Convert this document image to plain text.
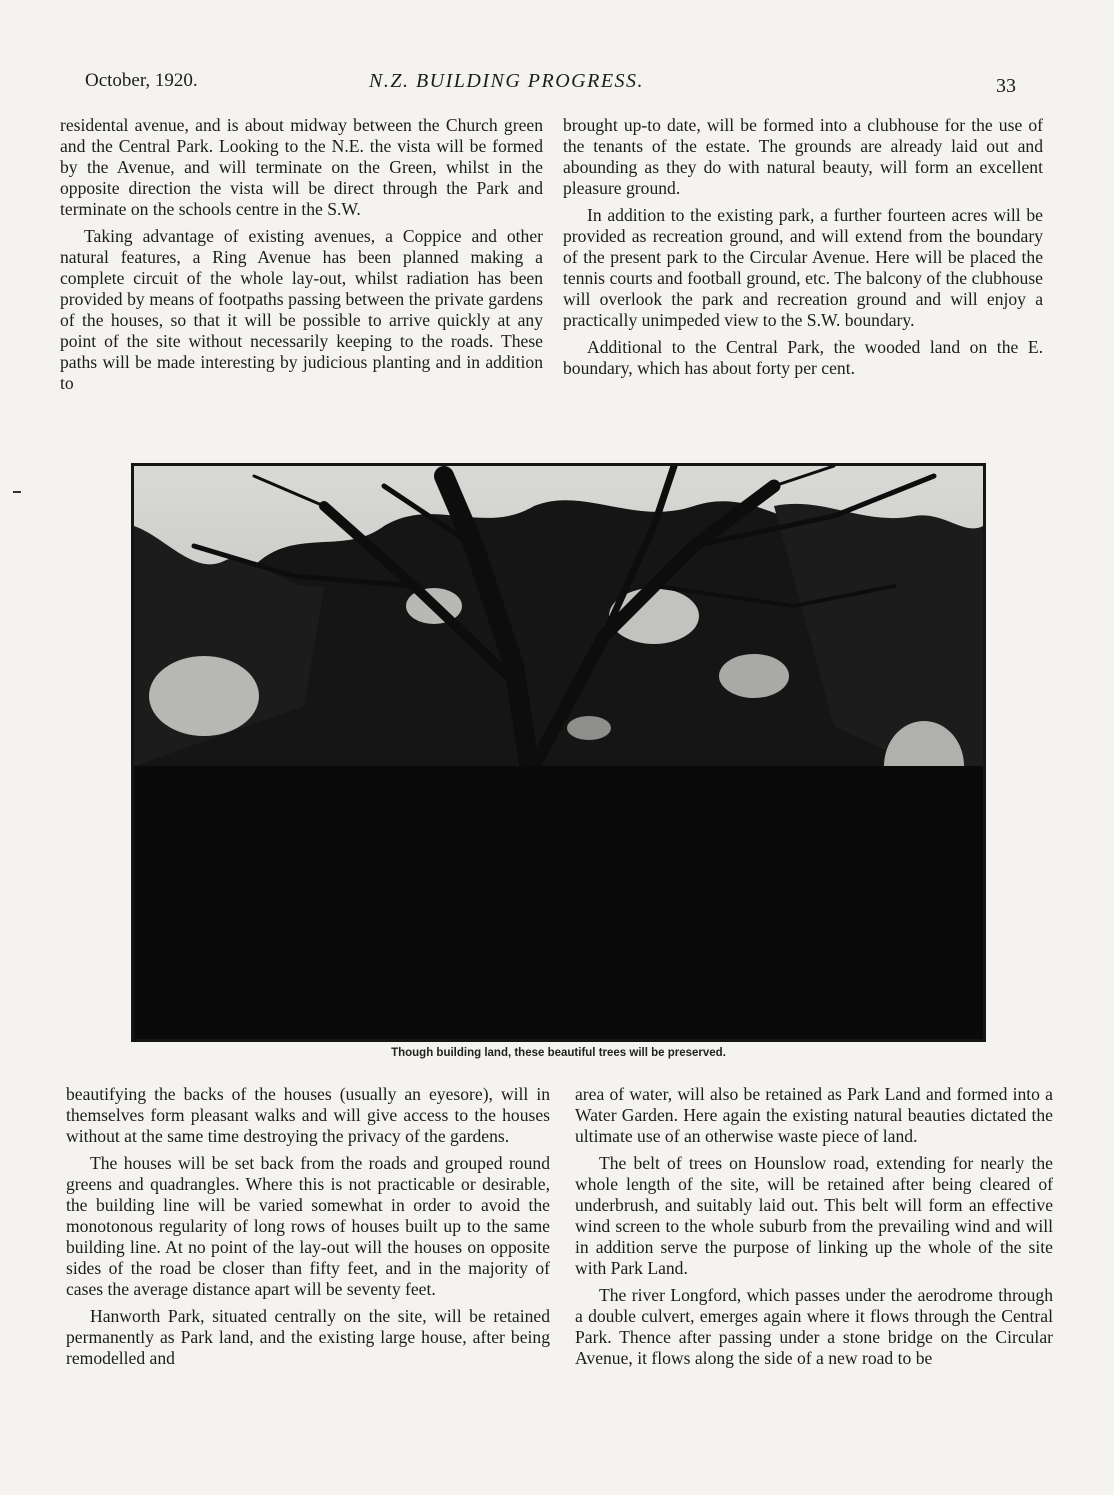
October, 1920.	N.Z. BUILDING PROGRESS.	33

residental avenue, and is about midway between the Church green and the Central Park. Looking to the N.E. the vista will be formed by the Avenue, and will terminate on the Green, whilst in the opposite direction the vista will be direct through the Park and terminate on the schools centre in the S.W.

Taking advantage of existing avenues, a Coppice and other natural features, a Ring Avenue has been planned making a complete circuit of the whole lay-out, whilst radiation has been provided by means of footpaths passing between the private gardens of the houses, so that it will be possible to arrive quickly at any point of the site without necessarily keeping to the roads. These paths will be made interesting by judicious planting and in addition to

brought up-to date, will be formed into a clubhouse for the use of the tenants of the estate. The grounds are already laid out and abounding as they do with natural beauty, will form an excellent pleasure ground.

In addition to the existing park, a further fourteen acres will be provided as recreation ground, and will extend from the boundary of the present park to the Circular Avenue. Here will be placed the tennis courts and football ground, etc. The balcony of the clubhouse will overlook the park and recreation ground and will enjoy a practically unimpeded view to the S.W. boundary.

Additional to the Central Park, the wooded land on the E. boundary, which has about forty per cent.

Though building land, these beautiful trees will be preserved.

beautifying the backs of the houses (usually an eyesore), will in themselves form pleasant walks and will give access to the houses without at the same time destroying the privacy of the gardens.

The houses will be set back from the roads and grouped round greens and quadrangles. Where this is not practicable or desirable, the building line will be varied somewhat in order to avoid the monotonous regularity of long rows of houses built up to the same building line. At no point of the lay-out will the houses on opposite sides of the road be closer than fifty feet, and in the majority of cases the average distance apart will be seventy feet.

Hanworth Park, situated centrally on the site, will be retained permanently as Park land, and the existing large house, after being remodelled and

area of water, will also be retained as Park Land and formed into a Water Garden. Here again the existing natural beauties dictated the ultimate use of an otherwise waste piece of land.

The belt of trees on Hounslow road, extending for nearly the whole length of the site, will be retained after being cleared of underbrush, and suitably laid out. This belt will form an effective wind screen to the whole suburb from the prevailing wind and will in addition serve the purpose of linking up the whole of the site with Park Land.

The river Longford, which passes under the aerodrome through a double culvert, emerges again where it flows through the Central Park. Thence after passing under a stone bridge on the Circular Avenue, it flows along the side of a new road to be
